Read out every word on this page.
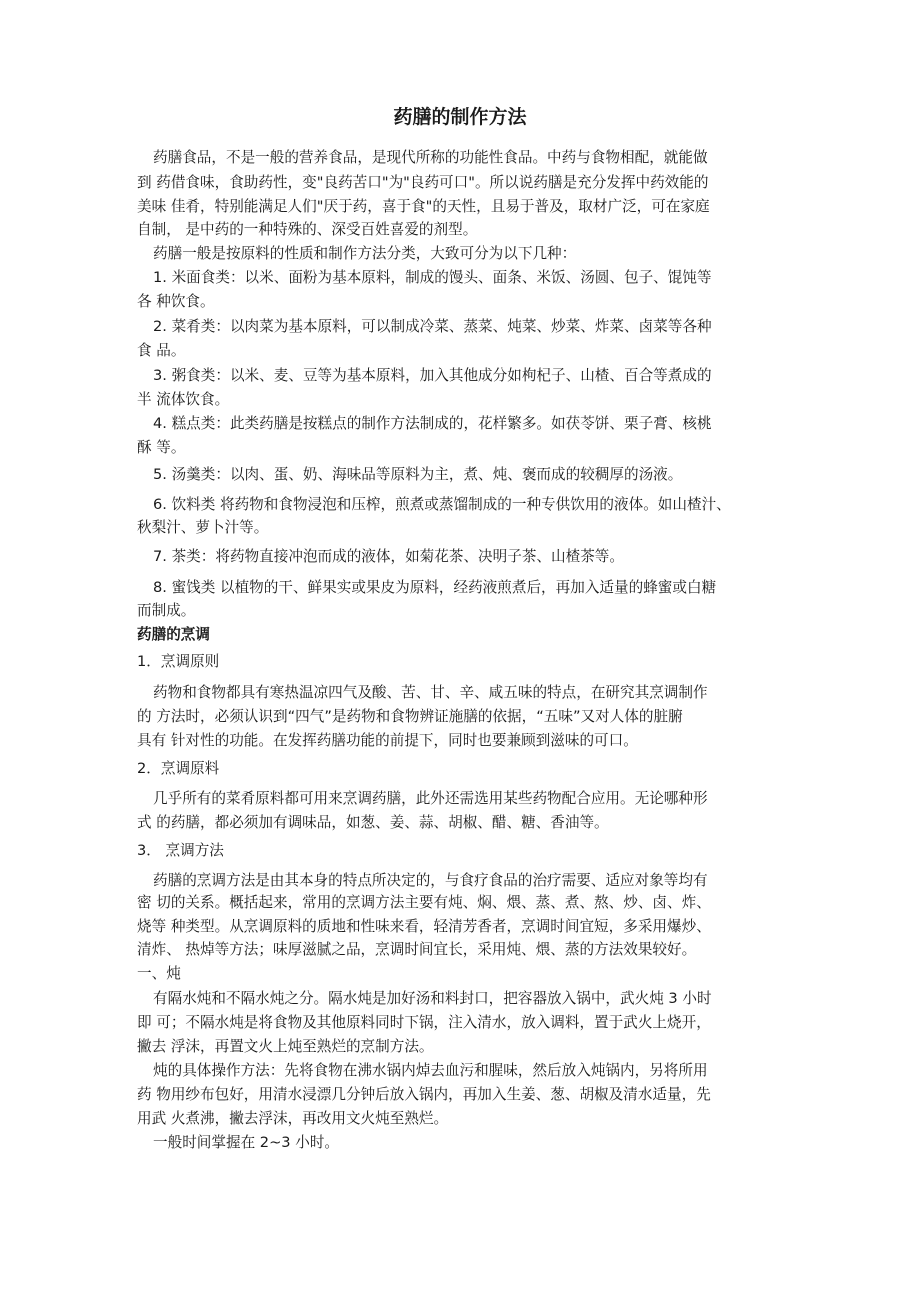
药膳的制作方法

药膳食品，不是一般的营养食品，是现代所称的功能性食品。中药与食物相配，就能做

到 药借食味，食助药性，变"良药苦口"为"良药可口"。所以说药膳是充分发挥中药效能的

美味 佳肴，特别能满足人们"厌于药，喜于食"的天性，且易于普及，取材广泛，可在家庭

自制， 是中药的一种特殊的、深受百姓喜爱的剂型。

药膳一般是按原料的性质和制作方法分类，大致可分为以下几种：

1. 米面食类：以米、面粉为基本原料，制成的馒头、面条、米饭、汤圆、包子、馄饨等

各 种饮食。

2. 菜肴类：以肉菜为基本原料，可以制成冷菜、蒸菜、炖菜、炒菜、炸菜、卤菜等各种

食 品。

3. 粥食类：以米、麦、豆等为基本原料，加入其他成分如枸杞子、山楂、百合等煮成的

半 流体饮食。

4. 糕点类：此类药膳是按糕点的制作方法制成的，花样繁多。如茯苓饼、栗子膏、核桃

酥 等。

5. 汤羹类：以肉、蛋、奶、海味品等原料为主，煮、炖、褒而成的较稠厚的汤液。

6. 饮料类 将药物和食物浸泡和压榨，煎煮或蒸馏制成的一种专供饮用的液体。如山楂汁、

秋梨汁、萝卜汁等。

7. 茶类：将药物直接冲泡而成的液体，如菊花茶、决明子茶、山楂茶等。

8. 蜜饯类 以植物的干、鲜果实或果皮为原料，经药液煎煮后，再加入适量的蜂蜜或白糖

而制成。

药膳的烹调

1．烹调原则

药物和食物都具有寒热温凉四气及酸、苦、甘、辛、咸五味的特点，在研究其烹调制作

的 方法时，必须认识到“四气”是药物和食物辨证施膳的依据，“五味”又对人体的脏腑

具有 针对性的功能。在发挥药膳功能的前提下，同时也要兼顾到滋味的可口。

2．烹调原料

几乎所有的菜肴原料都可用来烹调药膳，此外还需选用某些药物配合应用。无论哪种形

式 的药膳，都必须加有调味品，如葱、姜、蒜、胡椒、醋、糖、香油等。

3． 烹调方法

药膳的烹调方法是由其本身的特点所决定的，与食疗食品的治疗需要、适应对象等均有

密 切的关系。概括起来，常用的烹调方法主要有炖、焖、煨、蒸、煮、熬、炒、卤、炸、

烧等 种类型。从烹调原料的质地和性味来看，轻清芳香者，烹调时间宜短，多采用爆炒、

清炸、 热焯等方法；味厚滋腻之品，烹调时间宜长，采用炖、煨、蒸的方法效果较好。

一、炖

有隔水炖和不隔水炖之分。隔水炖是加好汤和料封口，把容器放入锅中，武火炖 3 小时

即 可；不隔水炖是将食物及其他原料同时下锅，注入清水，放入调料，置于武火上烧开，

撇去 浮沫，再置文火上炖至熟烂的烹制方法。

炖的具体操作方法：先将食物在沸水锅内焯去血污和腥味，然后放入炖锅内，另将所用

药 物用纱布包好，用清水浸漂几分钟后放入锅内，再加入生姜、葱、胡椒及清水适量，先

用武 火煮沸，撇去浮沫，再改用文火炖至熟烂。

一般时间掌握在 2~3 小时。
